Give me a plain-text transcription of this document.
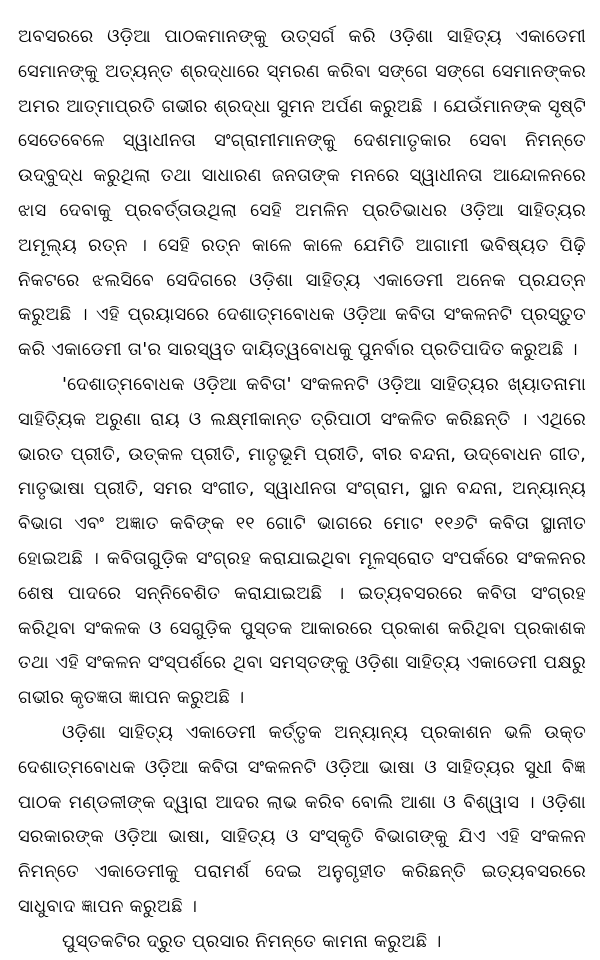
ଅବସରରେ ଓଡ଼ିଆ ପାଠକମାନଙ୍କୁ ଉତ୍ସର୍ଗ କରି ଓଡ଼ିଶା ସାହିତ୍ୟ ଏକାଡେମୀ ସେମାନଙ୍କୁ ଅତ୍ୟନ୍ତ ଶ୍ରଦ୍ଧାରେ ସ୍ମରଣ କରିବା ସଙ୍ଗେ ସଙ୍ଗେ ସେମାନଙ୍କର ଅମର ଆତ୍ମାପ୍ରତି ଗଭୀର ଶ୍ରଦ୍ଧା ସୁମନ ଅର୍ପଣ କରୁଅଛି । ଯେଉଁମାନଙ୍କ ସୃଷ୍ଟି ସେତେବେଳେ ସ୍ୱାଧୀନତା ସଂଗ୍ରାମୀମାନଙ୍କୁ ଦେଶମାତୃକାର ସେବା ନିମନ୍ତେ ଉଦ୍‌ବୁଦ୍ଧ କରୁଥିଲା ତଥା ସାଧାରଣ ଜନତାଙ୍କ ମନରେ ସ୍ୱାଧୀନତା ଆନ୍ଦୋଳନରେ ଝାସ ଦେବାକୁ ପ୍ରବର୍ତ୍ତାଉଥିଲା ସେହି ଅମଳିନ ପ୍ରତିଭାଧର ଓଡ଼ିଆ ସାହିତ୍ୟର ଅମୂଲ୍ୟ ରତ୍ନ । ସେହି ରତ୍ନ କାଳେ କାଳେ ଯେମିତି ଆଗାମୀ ଭବିଷ୍ୟତ ପିଢ଼ି ନିକଟରେ ଝଲସିବେ ସେଦିଗରେ ଓଡ଼ିଶା ସାହିତ୍ୟ ଏକାଡେମୀ ଅନେକ ପ୍ରଯତ୍ନ କରୁଅଛି । ଏହି ପ୍ରୟାସରେ ଦେଶାତ୍ମବୋଧକ ଓଡ଼ିଆ କବିତା ସଂକଳନଟି ପ୍ରସ୍ତୁତ କରି ଏକାଡେମୀ ତା'ର ସାରସ୍ୱତ ଦାୟିତ୍ୱବୋଧକୁ ପୁନର୍ବାର ପ୍ରତିପାଦିତ କରୁଅଛି ।

'ଦେଶାତ୍ମବୋଧକ ଓଡ଼ିଆ କବିତା' ସଂକଳନଟି ଓଡ଼ିଆ ସାହିତ୍ୟର ଖ୍ୟାତନାମା ସାହିତ୍ୟିକ ଅରୁଣା ରାୟ ଓ ଲକ୍ଷ୍ମୀକାନ୍ତ ତ୍ରିପାଠୀ ସଂକଳିତ କରିଛନ୍ତି । ଏଥିରେ ଭାରତ ପ୍ରୀତି, ଉତ୍କଳ ପ୍ରୀତି, ମାତୃଭୂମି ପ୍ରୀତି, ବୀର ବନ୍ଦନା, ଉଦ୍‌ବୋଧନ ଗୀତ, ମାତୃଭାଷା ପ୍ରୀତି, ସମର ସଂଗୀତ, ସ୍ୱାଧୀନତା ସଂଗ୍ରାମ, ସ୍ଥାନ ବନ୍ଦନା, ଅନ୍ୟାନ୍ୟ ବିଭାଗ ଏବଂ ଅଜ୍ଞାତ କବିଙ୍କ ୧୧ ଗୋଟି ଭାଗରେ ମୋଟ ୧୧୬ଟି କବିତା ସ୍ଥାନୀତ ହୋଇଅଛି । କବିତାଗୁଡ଼ିକ ସଂଗ୍ରହ କରାଯାଇଥିବା ମୂଳସ୍ରୋତ ସଂପର୍କରେ ସଂକଳନର ଶେଷ ପାଦରେ ସନ୍ନିବେଶିତ କରାଯାଇଅଛି । ଇତ୍ୟବସରରେ କବିତା ସଂଗ୍ରହ କରିଥିବା ସଂକଳକ ଓ ସେଗୁଡ଼ିକ ପୁସ୍ତକ ଆକାରରେ ପ୍ରକାଶ କରିଥିବା ପ୍ରକାଶକ ତଥା ଏହି ସଂକଳନ ସଂସ୍ପର୍ଶରେ ଥିବା ସମସ୍ତଙ୍କୁ ଓଡ଼ିଶା ସାହିତ୍ୟ ଏକାଡେମୀ ପକ୍ଷରୁ ଗଭୀର କୃତଜ୍ଞତା ଜ୍ଞାପନ କରୁଅଛି ।

ଓଡ଼ିଶା ସାହିତ୍ୟ ଏକାଡେମୀ କର୍ତ୍ତୃକ ଅନ୍ୟାନ୍ୟ ପ୍ରକାଶନ ଭଳି ଉକ୍ତ ଦେଶାତ୍ମବୋଧକ ଓଡ଼ିଆ କବିତା ସଂକଳନଟି ଓଡ଼ିଆ ଭାଷା ଓ ସାହିତ୍ୟର ସୁଧୀ ବିଜ୍ଞ ପାଠକ ମଣ୍ଡଳୀଙ୍କ ଦ୍ୱାରା ଆଦର ଲାଭ କରିବ ବୋଲି ଆଶା ଓ ବିଶ୍ୱାସ । ଓଡ଼ିଶା ସରକାରଙ୍କ ଓଡ଼ିଆ ଭାଷା, ସାହିତ୍ୟ ଓ ସଂସ୍କୃତି ବିଭାଗଙ୍କୁ ଯିଏ ଏହି ସଂକଳନ ନିମନ୍ତେ ଏକାଡେମୀକୁ ପରାମର୍ଶ ଦେଇ ଅନୁଗୃହୀତ କରିଛନ୍ତି ଇତ୍ୟବସରରେ ସାଧୁବାଦ ଜ୍ଞାପନ କରୁଅଛି ।

ପୁସ୍ତକଟିର ଦ୍ରୁତ ପ୍ରସାର ନିମନ୍ତେ କାମନା କରୁଅଛି ।
